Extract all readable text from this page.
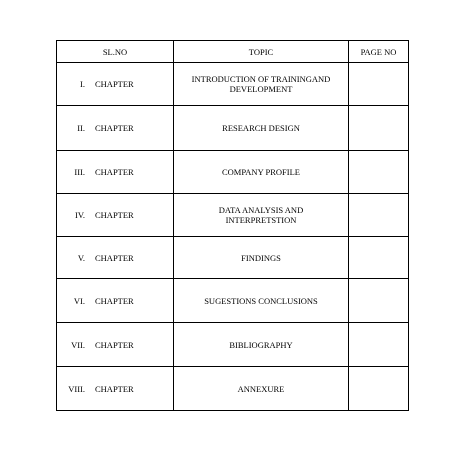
SL.NO	TOPIC	PAGE NO

I. CHAPTER	INTRODUCTION OF TRAININGAND DEVELOPMENT	

II. CHAPTER	RESEARCH DESIGN	

III. CHAPTER	COMPANY PROFILE	

IV. CHAPTER	DATA ANALYSIS AND INTERPRETSTION	

V. CHAPTER	FINDINGS	

VI. CHAPTER	SUGESTIONS CONCLUSIONS	

VII. CHAPTER	BIBLIOGRAPHY	

VIII. CHAPTER	ANNEXURE	
